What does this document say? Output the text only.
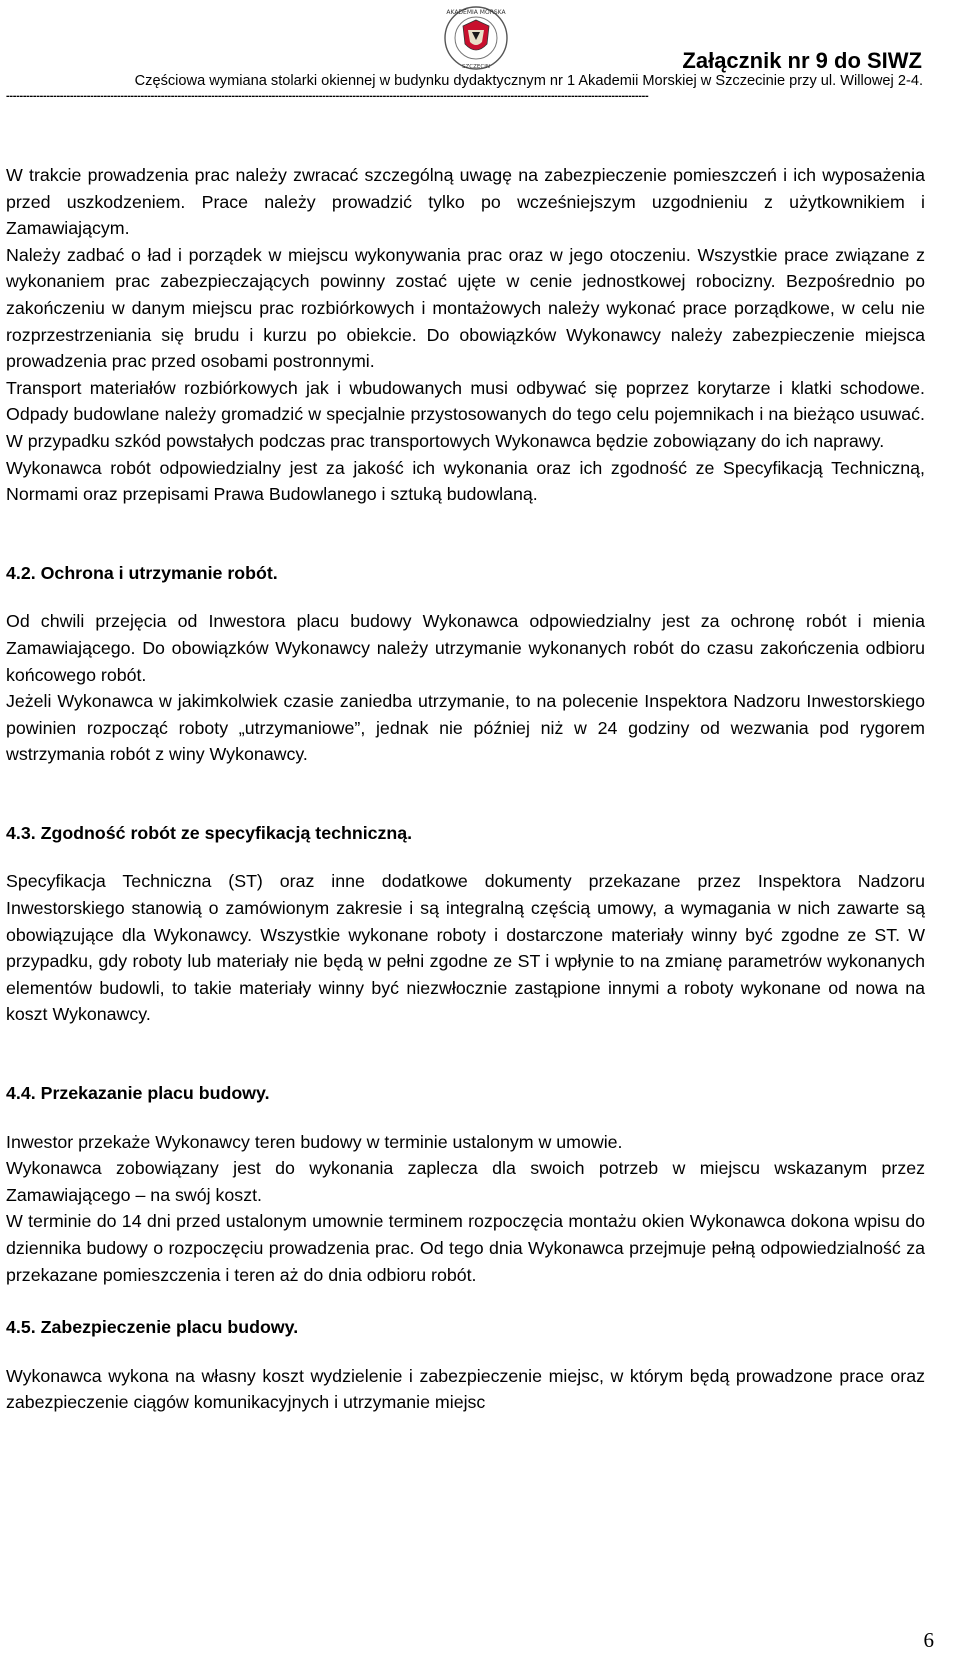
AKADEMIA MORSKA
SZCZECIN	Załącznik nr 9 do SIWZ
Częściowa wymiana stolarki okiennej w budynku dydaktycznym nr 1 Akademii Morskiej w Szczecinie przy ul. Willowej 2-4.
-----------------------------------------------------------------------------------------------------------------------------------------------------------------------------------------------

W trakcie prowadzenia prac należy zwracać szczególną uwagę na zabezpieczenie pomieszczeń i ich wyposażenia przed uszkodzeniem. Prace należy prowadzić tylko po wcześniejszym uzgodnieniu z użytkownikiem i Zamawiającym.

Należy zadbać o ład i porządek w miejscu wykonywania prac oraz w jego otoczeniu. Wszystkie prace związane z wykonaniem prac zabezpieczających powinny zostać ujęte w cenie jednostkowej robocizny. Bezpośrednio po zakończeniu w danym miejscu prac rozbiórkowych i montażowych należy wykonać prace porządkowe, w celu nie rozprzestrzeniania się brudu i kurzu po obiekcie. Do obowiązków Wykonawcy należy zabezpieczenie miejsca prowadzenia prac przed osobami postronnymi.

Transport materiałów rozbiórkowych jak i wbudowanych musi odbywać się poprzez korytarze i klatki schodowe. Odpady budowlane należy gromadzić w specjalnie przystosowanych do tego celu pojemnikach i na bieżąco usuwać. W przypadku szkód powstałych podczas prac transportowych Wykonawca będzie zobowiązany do ich naprawy.

Wykonawca robót odpowiedzialny jest za jakość ich wykonania oraz ich zgodność ze Specyfikacją Techniczną, Normami oraz przepisami Prawa Budowlanego i sztuką budowlaną.

4.2. Ochrona i utrzymanie robót.

Od chwili przejęcia od Inwestora placu budowy Wykonawca odpowiedzialny jest za ochronę robót i mienia Zamawiającego. Do obowiązków Wykonawcy należy utrzymanie wykonanych robót do czasu zakończenia odbioru końcowego robót.

Jeżeli Wykonawca w jakimkolwiek czasie zaniedba utrzymanie, to na polecenie Inspektora Nadzoru Inwestorskiego powinien rozpocząć roboty „utrzymaniowe”, jednak nie później niż w 24 godziny od wezwania pod rygorem wstrzymania robót z winy Wykonawcy.

4.3. Zgodność robót ze specyfikacją techniczną.

Specyfikacja Techniczna (ST) oraz inne dodatkowe dokumenty przekazane przez Inspektora Nadzoru Inwestorskiego stanowią o zamówionym zakresie i są integralną częścią umowy, a wymagania w nich zawarte są obowiązujące dla Wykonawcy. Wszystkie wykonane roboty i dostarczone materiały winny być zgodne ze ST. W przypadku, gdy roboty lub materiały nie będą w pełni zgodne ze ST i wpłynie to na zmianę parametrów wykonanych elementów budowli, to takie materiały winny być niezwłocznie zastąpione innymi a roboty wykonane od nowa na koszt Wykonawcy.

4.4. Przekazanie placu budowy.

Inwestor przekaże Wykonawcy teren budowy w terminie ustalonym w umowie.

Wykonawca zobowiązany jest do wykonania zaplecza dla swoich potrzeb w miejscu wskazanym przez Zamawiającego – na swój koszt.

W terminie do 14 dni przed ustalonym umownie terminem rozpoczęcia montażu okien Wykonawca dokona wpisu do dziennika budowy o rozpoczęciu prowadzenia prac. Od tego dnia Wykonawca przejmuje pełną odpowiedzialność za przekazane pomieszczenia i teren aż do dnia odbioru robót.

4.5. Zabezpieczenie placu budowy.

Wykonawca wykona na własny koszt wydzielenie i zabezpieczenie miejsc, w którym będą prowadzone prace oraz zabezpieczenie ciągów komunikacyjnych i utrzymanie miejsc

6
